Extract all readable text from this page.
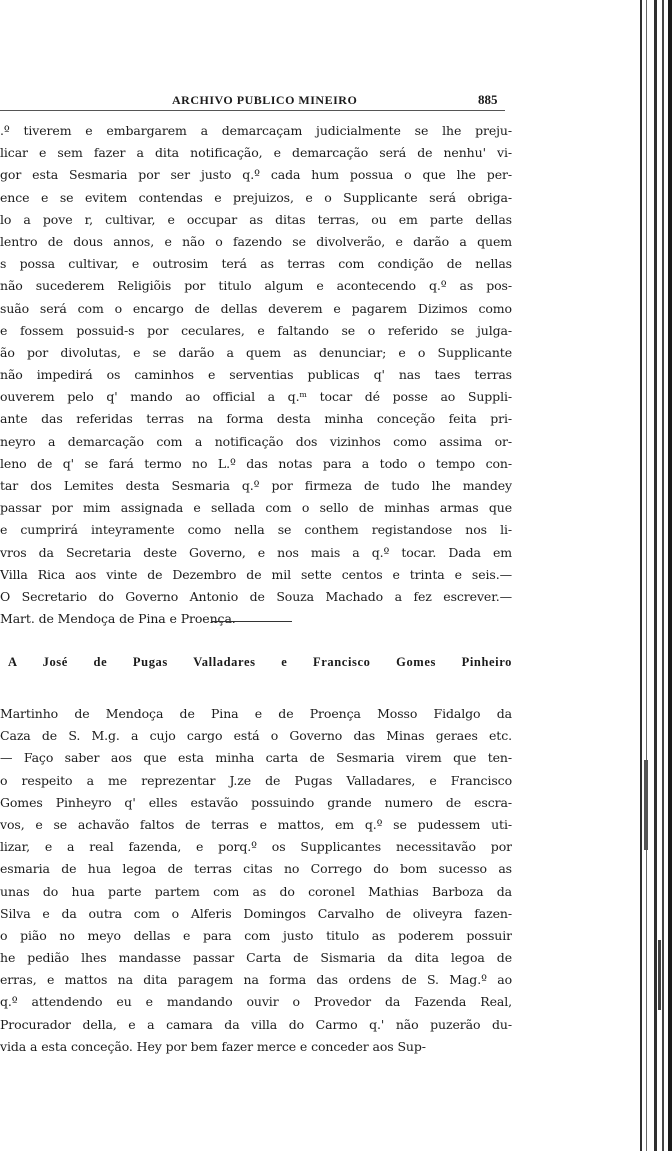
ARCHIVO PUBLICO MINEIRO	885
.º tiverem e embargarem a demarcaçam judicialmente se lhe preju-
licar e sem fazer a dita notificação, e demarcação será de nenhu' vi-
gor esta Sesmaria por ser justo q.º cada hum possua o que lhe per-
ence e se evitem contendas e prejuizos, e o Supplicante será obriga-
lo a pove r, cultivar, e occupar as ditas terras, ou em parte dellas
lentro de dous annos, e não o fazendo se divolverão, e darão a quem
s possa cultivar, e outrosim terá as terras com condição de nellas
não sucederem Religiõis por titulo algum e acontecendo q.º as pos-
suão será com o encargo de dellas deverem e pagarem Dizimos como
e fossem possuid-s por ceculares, e faltando se o referido se julga-
ão por divolutas, e se darão a quem as denunciar; e o Supplicante
não impedirá os caminhos e serventias publicas q' nas taes terras
ouverem pelo q' mando ao official a q.ᵐ tocar dé posse ao Suppli-
ante das referidas terras na forma desta minha conceção feita pri-
neyro a demarcação com a notificação dos vizinhos como assima or-
leno de q' se fará termo no L.º das notas para a todo o tempo con-
tar dos Lemites desta Sesmaria q.º por firmeza de tudo lhe mandey
passar por mim assignada e sellada com o sello de minhas armas que
e cumprirá inteyramente como nella se conthem registandose nos li-
vros da Secretaria deste Governo, e nos mais a q.º tocar. Dada em
Villa Rica aos vinte de Dezembro de mil sette centos e trinta e seis.—
O Secretario do Governo Antonio de Souza Machado a fez escrever.—
Mart. de Mendoça de Pina e Proença.
A José de Pugas Valladares e Francisco Gomes Pinheiro
Martinho de Mendoça de Pina e de Proença Mosso Fidalgo da
Caza de S. M.g. a cujo cargo está o Governo das Minas geraes etc.
— Faço saber aos que esta minha carta de Sesmaria virem que ten-
o respeito a me reprezentar J.ze de Pugas Valladares, e Francisco
Gomes Pinheyro q' elles estavão possuindo grande numero de escra-
vos, e se achavão faltos de terras e mattos, em q.º se pudessem uti-
lizar, e a real fazenda, e porq.º os Supplicantes necessitavão por
esmaria de hua legoa de terras citas no Corrego do bom sucesso as
unas do hua parte partem com as do coronel Mathias Barboza da
Silva e da outra com o Alferis Domingos Carvalho de oliveyra fazen-
o pião no meyo dellas e para com justo titulo as poderem possuir
he pedião lhes mandasse passar Carta de Sismaria da dita legoa de
erras, e mattos na dita paragem na forma das ordens de S. Mag.º ao
q.º attendendo eu e mandando ouvir o Provedor da Fazenda Real,
Procurador della, e a camara da villa do Carmo q.' não puzerão du-
vida a esta conceção. Hey por bem fazer merce e conceder aos Sup-
